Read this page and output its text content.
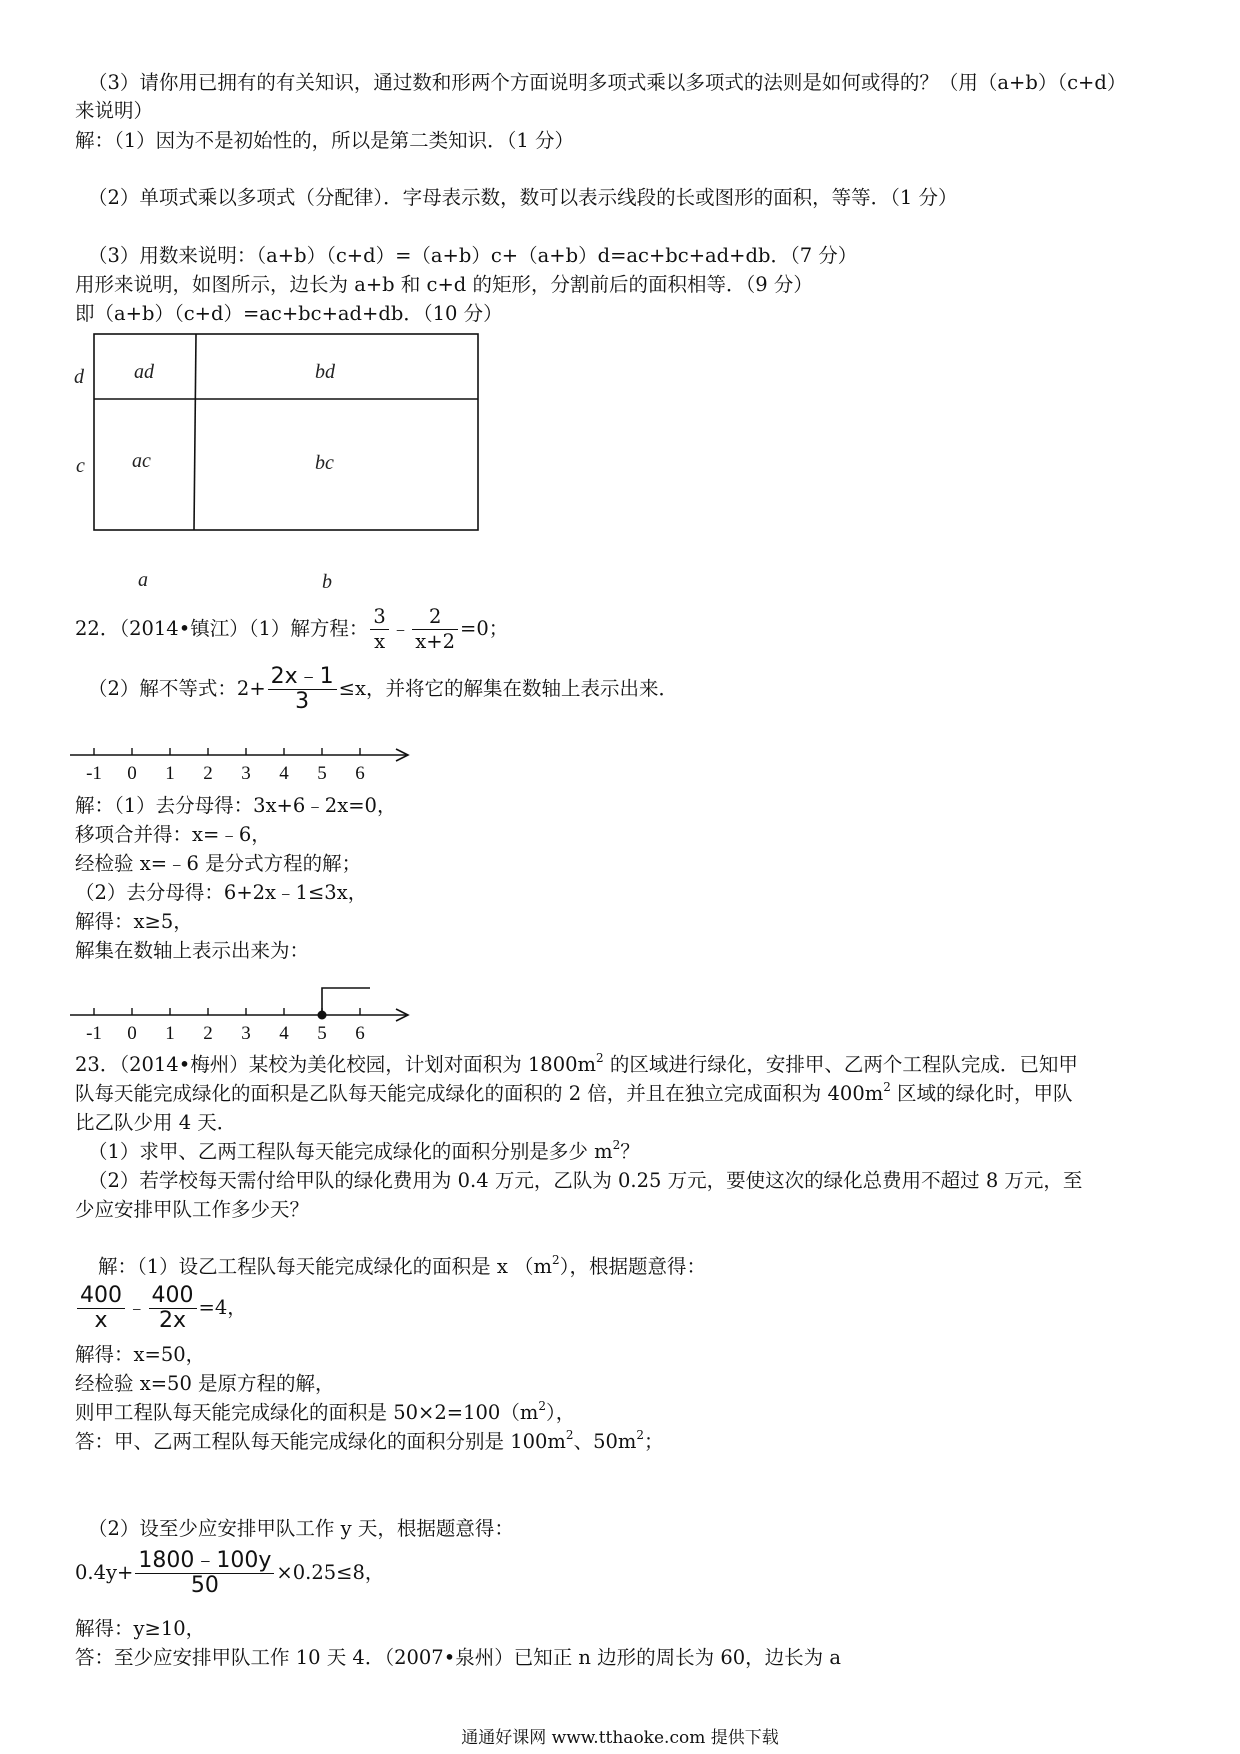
（3）请你用已拥有的有关知识，通过数和形两个方面说明多项式乘以多项式的法则是如何或得的？（用（a+b）（c+d）
来说明）
解：（1）因为不是初始性的，所以是第二类知识．（1 分）
（2）单项式乘以多项式（分配律）．字母表示数，数可以表示线段的长或图形的面积，等等．（1 分）
（3）用数来说明：（a+b）（c+d）=（a+b）c+（a+b）d=ac+bc+ad+db．（7 分）
用形来说明，如图所示，边长为 a+b 和 c+d 的矩形，分割前后的面积相等．（9 分）
即（a+b）（c+d）=ac+bc+ad+db．（10 分）
ad	bd
ac	bc
d
c
a	b
22．（2014•镇江）（1）解方程： $\frac{3}{x}$ ﹣ $\frac{2}{x+2} =0$；
（2）解不等式：$2+ \frac{2x﹣1}{3} \le x$，并将它的解集在数轴上表示出来．
-1 0 1 2 3 4 5 6
解：（1）去分母得：3x+6﹣2x=0，
移项合并得：x=﹣6，
经检验 x=﹣6 是分式方程的解；
（2）去分母得：6+2x﹣1≤3x，
解得：x≥5，
解集在数轴上表示出来为：
-1 0 1 2 3 4 5 6
23．（2014•梅州）某校为美化校园，计划对面积为 $1800m^2$ 的区域进行绿化，安排甲、乙两个工程队完成．已知甲
队每天能完成绿化的面积是乙队每天能完成绿化的面积的 2 倍，并且在独立完成面积为 $400m^2$ 区域的绿化时，甲队
比乙队少用 4 天．
（1）求甲、乙两工程队每天能完成绿化的面积分别是多少 $m^2$？
（2）若学校每天需付给甲队的绿化费用为 0.4 万元，乙队为 0.25 万元，要使这次的绿化总费用不超过 8 万元，至
少应安排甲队工作多少天？
解：（1）设乙工程队每天能完成绿化的面积是 x $(m^2)$，根据题意得：
$\frac{400}{x}$ ﹣ $\frac{400}{2x} =4$，
解得：x=50，
经检验 x=50 是原方程的解，
则甲工程队每天能完成绿化的面积是 $50\times 2=100(m^2)$，
答：甲、乙两工程队每天能完成绿化的面积分别是 $100m^2$、$50m^2$；
（2）设至少应安排甲队工作 y 天，根据题意得：
$0.4y+ \frac{1800﹣100y}{50} \times 0.25\le 8$，
解得：y≥10，
答：至少应安排甲队工作 10 天 4．（2007•泉州）已知正 n 边形的周长为 60，边长为 a
通通好课网 www.tthaoke.com 提供下载
